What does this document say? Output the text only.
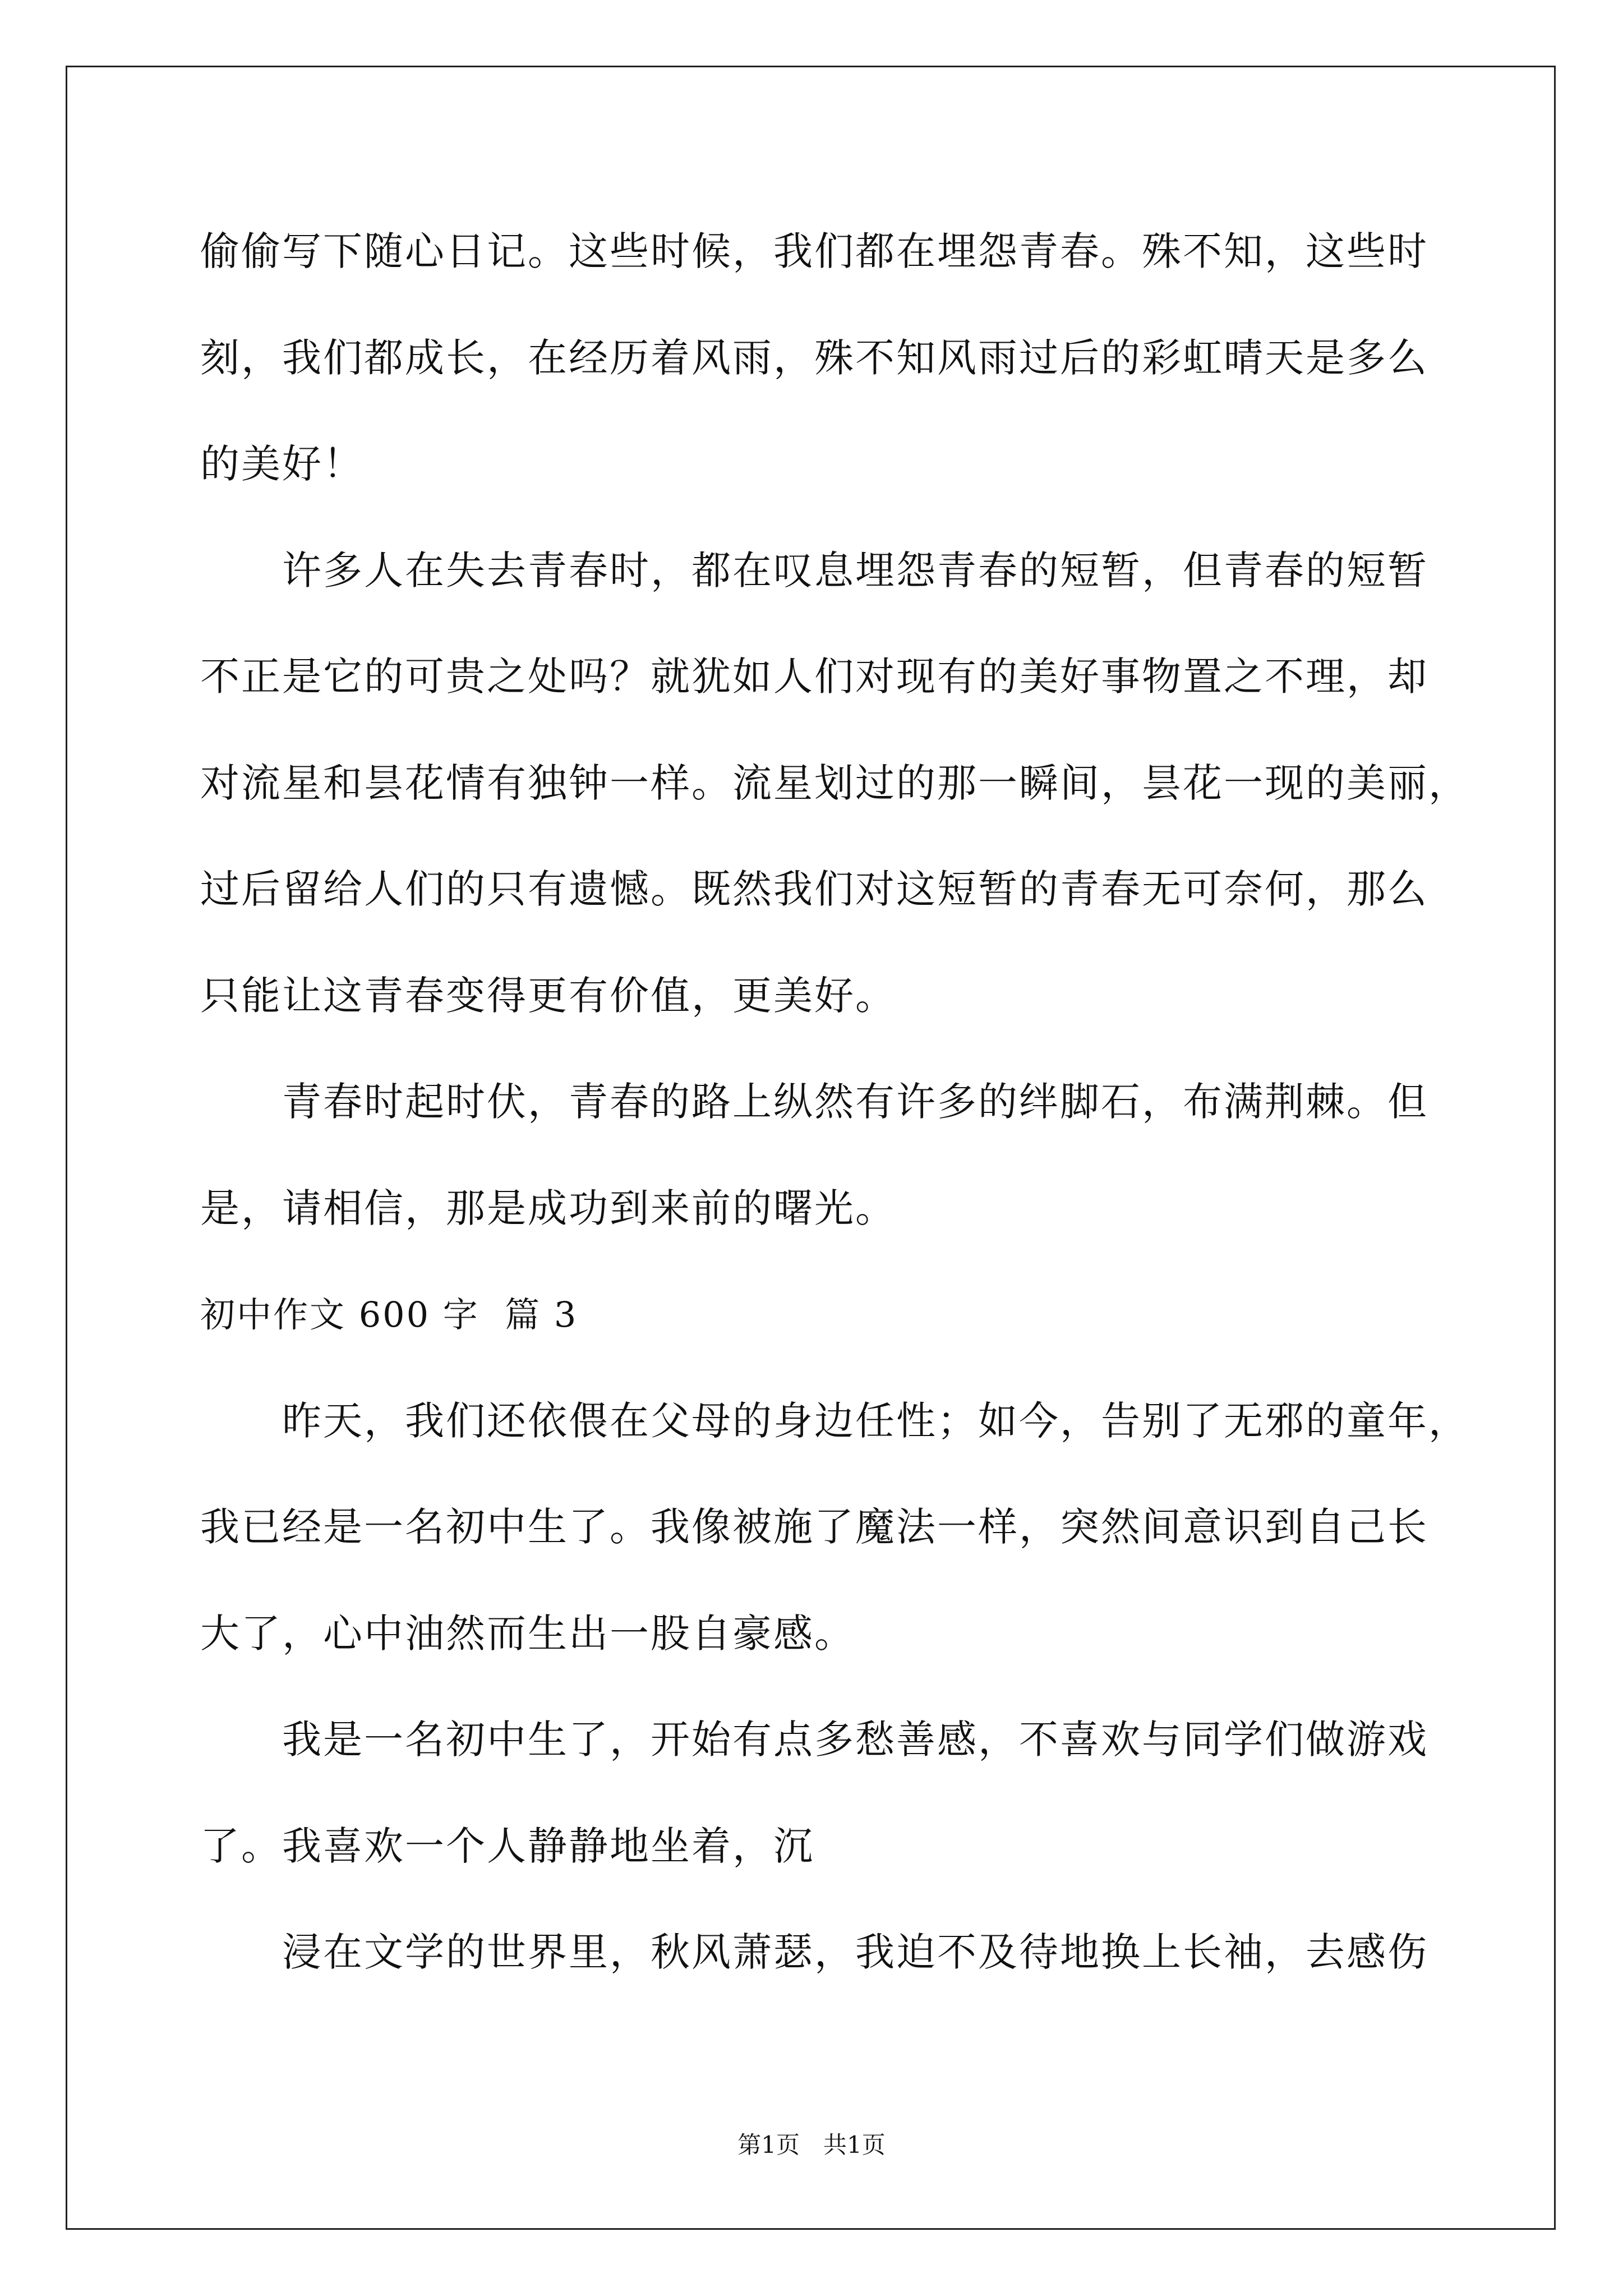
偷偷写下随心日记。这些时候，我们都在埋怨青春。殊不知，这些时
刻，我们都成长，在经历着风雨，殊不知风雨过后的彩虹晴天是多么
的美好！
许多人在失去青春时，都在叹息埋怨青春的短暂，但青春的短暂
不正是它的可贵之处吗？就犹如人们对现有的美好事物置之不理，却
对流星和昙花情有独钟一样。流星划过的那一瞬间，昙花一现的美丽，
过后留给人们的只有遗憾。既然我们对这短暂的青春无可奈何，那么
只能让这青春变得更有价值，更美好。
青春时起时伏，青春的路上纵然有许多的绊脚石，布满荆棘。但
是，请相信，那是成功到来前的曙光。
初中作文 600 字  篇 3
昨天，我们还依偎在父母的身边任性；如今，告别了无邪的童年，
我已经是一名初中生了。我像被施了魔法一样，突然间意识到自己长
大了，心中油然而生出一股自豪感。
我是一名初中生了，开始有点多愁善感，不喜欢与同学们做游戏
了。我喜欢一个人静静地坐着，沉
浸在文学的世界里，秋风萧瑟，我迫不及待地换上长袖，去感伤
第1页　共1页
